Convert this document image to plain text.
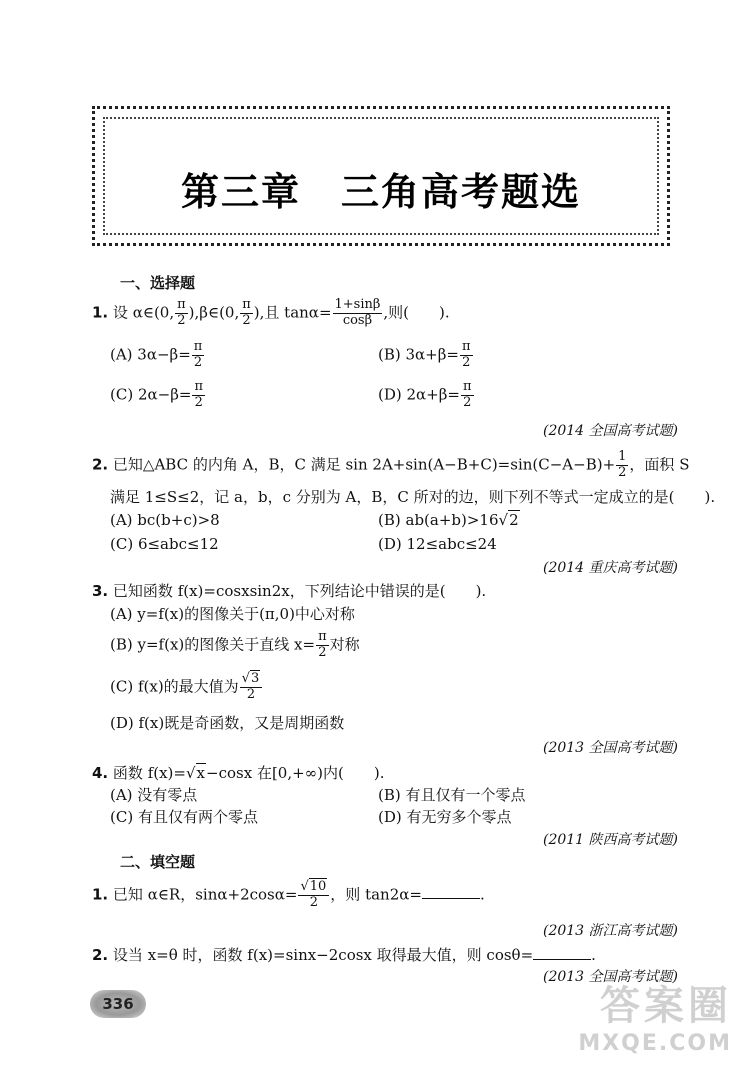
第三章　三角高考题选
一、选择题
1. 设 α∈(0, $\frac{\pi}{2}$ ),β∈(0, $\frac{\pi}{2}$ ),且 $\tan\alpha= \frac{1+\sin\beta}{\cos\beta}$ ,则(　　).
(A) $3\alpha-\beta= \frac{\pi}{2}$	(B) $3\alpha+\beta= \frac{\pi}{2}$
(C) $2\alpha-\beta= \frac{\pi}{2}$	(D) $2\alpha+\beta= \frac{\pi}{2}$
(2014 全国高考试题)
2. 已知△ABC 的内角 A，B，C 满足 $\sin 2A+\sin(A-B+C)=\sin(C-A-B)+ \frac{1}{2}$ ，面积 S
满足 1≤S≤2，记 a，b，c 分别为 A，B，C 所对的边，则下列不等式一定成立的是(　　).
(A) bc(b+c)>8	(B) ab(a+b)>16√2
(C) 6≤abc≤12	(D) 12≤abc≤24
(2014 重庆高考试题)
3. 已知函数 f(x)=cosxsin2x，下列结论中错误的是(　　).
(A) y=f(x)的图像关于(π,0)中心对称
(B) y=f(x)的图像关于直线 $x= \frac{\pi}{2}$ 对称
(C) f(x)的最大值为 $\frac{√3}{2}$
(D) f(x)既是奇函数，又是周期函数
(2013 全国高考试题)
4. 函数 f(x)=√x−cosx 在[0,+∞)内(　　).
(A) 没有零点	(B) 有且仅有一个零点
(C) 有且仅有两个零点	(D) 有无穷多个零点
(2011 陕西高考试题)
二、填空题
1. 已知 α∈R，$\sin\alpha+2\cos\alpha= \frac{√10}{2}$ ，则 tan2α=	.
(2013 浙江高考试题)
2. 设当 x=θ 时，函数 f(x)=sinx−2cosx 取得最大值，则 cosθ=	.
(2013 全国高考试题)
336	答案圈
MXQE.COM
